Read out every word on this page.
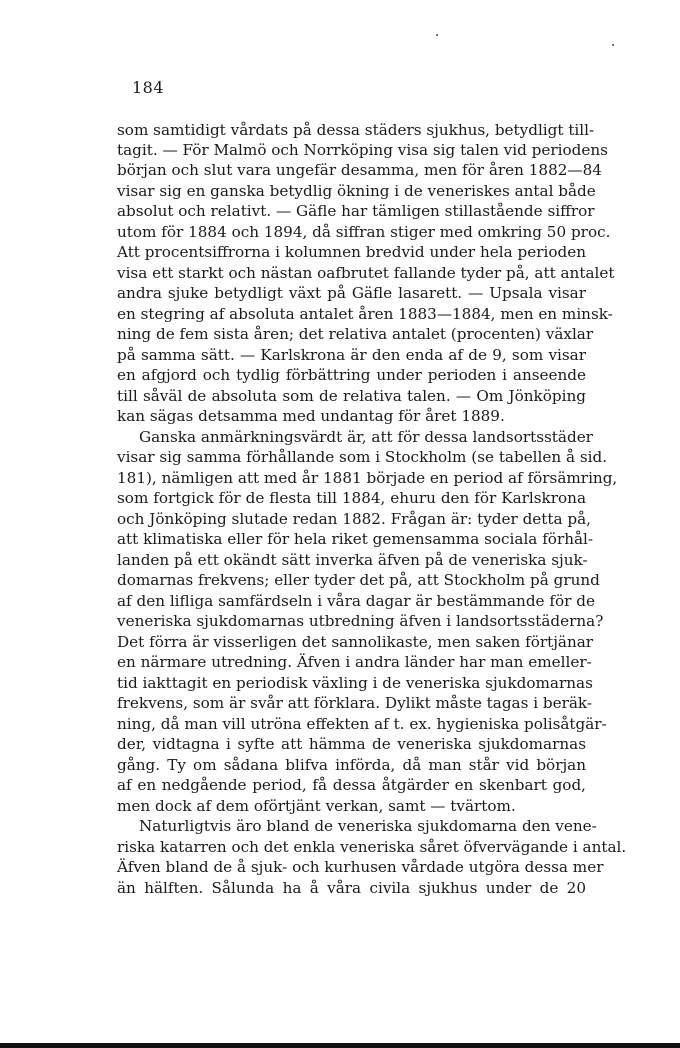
184
som samtidigt vårdats på dessa städers sjukhus, betydligt till-
tagit. — För Malmö och Norrköping visa sig talen vid periodens
början och slut vara ungefär desamma, men för åren 1882—84
visar sig en ganska betydlig ökning i de veneriskes antal både
absolut och relativt. — Gäfle har tämligen stillastående siffror
utom för 1884 och 1894, då siffran stiger med omkring 50 proc.
Att procentsiffrorna i kolumnen bredvid under hela perioden
visa ett starkt och nästan oafbrutet fallande tyder på, att antalet
andra sjuke betydligt växt på Gäfle lasarett. — Upsala visar
en stegring af absoluta antalet åren 1883—1884, men en minsk-
ning de fem sista åren; det relativa antalet (procenten) växlar
på samma sätt. — Karlskrona är den enda af de 9, som visar
en afgjord och tydlig förbättring under perioden i anseende
till såväl de absoluta som de relativa talen. — Om Jönköping
kan sägas detsamma med undantag för året 1889.
Ganska anmärkningsvärdt är, att för dessa landsortsstäder
visar sig samma förhållande som i Stockholm (se tabellen å sid.
181), nämligen att med år 1881 började en period af försämring,
som fortgick för de flesta till 1884, ehuru den för Karlskrona
och Jönköping slutade redan 1882. Frågan är: tyder detta på,
att klimatiska eller för hela riket gemensamma sociala förhål-
landen på ett okändt sätt inverka äfven på de veneriska sjuk-
domarnas frekvens; eller tyder det på, att Stockholm på grund
af den lifliga samfärdseln i våra dagar är bestämmande för de
veneriska sjukdomarnas utbredning äfven i landsortsstäderna?
Det förra är visserligen det sannolikaste, men saken förtjänar
en närmare utredning. Äfven i andra länder har man emeller-
tid iakttagit en periodisk växling i de veneriska sjukdomarnas
frekvens, som är svår att förklara. Dylikt måste tagas i beräk-
ning, då man vill utröna effekten af t. ex. hygieniska polisåtgär-
der, vidtagna i syfte att hämma de veneriska sjukdomarnas
gång. Ty om sådana blifva införda, då man står vid början
af en nedgående period, få dessa åtgärder en skenbart god,
men dock af dem oförtjänt verkan, samt — tvärtom.
Naturligtvis äro bland de veneriska sjukdomarna den vene-
riska katarren och det enkla veneriska såret öfvervägande i antal.
Äfven bland de å sjuk- och kurhusen vårdade utgöra dessa mer
än hälften. Sålunda ha å våra civila sjukhus under de 20
